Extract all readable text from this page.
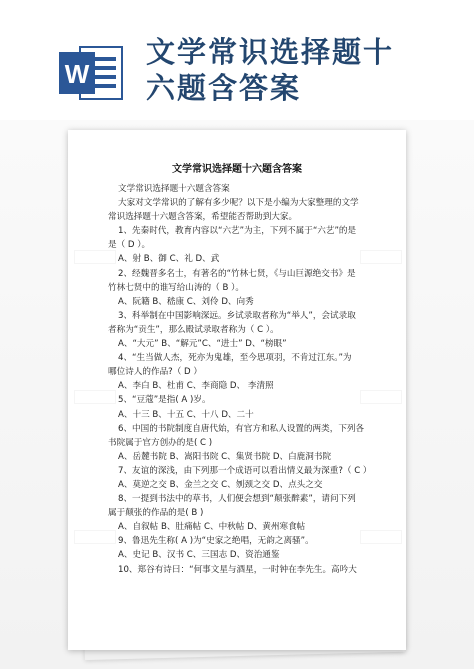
W
文学常识选择题十
六题含答案
文学常识选择题十六题含答案
文学常识选择题十六题含答案
大家对文学常识的了解有多少呢？以下是小编为大家整理的文学
常识选择题十六题含答案，希望能否帮助到大家。
1、先秦时代，教育内容以“六艺”为主，下列不属于“六艺”的是
是（ D ）。
A、射 B、御 C、礼 D、武
2、经魏晋多名士，有著名的“竹林七贤，《与山巨源绝交书》是
竹林七贤中的谁写给山涛的（ B ）。
A、阮籍 B、嵇康 C、刘伶 D、向秀
3、科举制在中国影响深远。乡试录取者称为“举人”，会试录取
者称为“贡生”，那么殿试录取者称为（ C ）。
A、“大元” B、“解元”C、“进士” D、“榜眼”
4、“生当做人杰，死亦为鬼雄，至今思项羽，不肯过江东。”为
哪位诗人的作品?（ D ）
A、李白 B、杜甫 C、李商隐 D、 李清照
5、“豆蔻”是指( A )岁。
A、十三 B、十五 C、十八 D、二十
6、中国的书院制度自唐代始，有官方和私人设置的两类，下列各
书院属于官方创办的是( C )
A、岳麓书院 B、嵩阳书院 C、集贤书院 D、白鹿洞书院
7、友谊的深浅，由下列那一个成语可以看出情义最为深重?（ C ）
A、莫逆之交 B、金兰之交 C、刎颈之交 D、点头之交
8、一提到书法中的草书，人们便会想到“颠张醉素”，请问下列
属于颠张的作品的是( B )
A、自叙帖 B、肚痛帖 C、中秋帖 D、黄州寒食帖
9、鲁迅先生称( A )为“史家之绝唱，无韵之离骚”。
A、史记 B、汉书 C、三国志 D、资治通鉴
10、郑谷有诗曰：“何事文星与酒星，一时钟在李先生。高吟大
